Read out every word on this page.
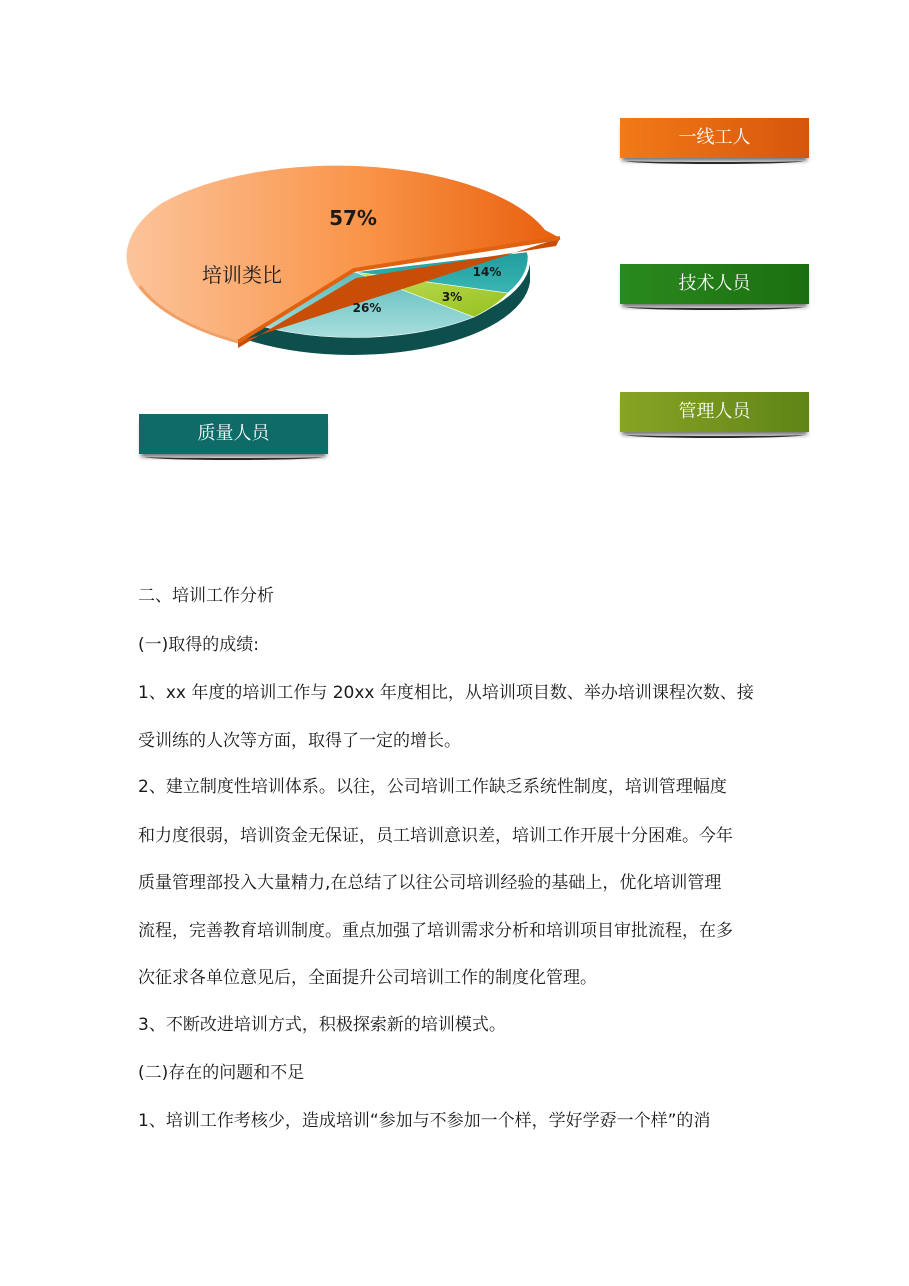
57%
培训类比	14%
3%
26%
一线工人
技术人员
管理人员
质量人员
二、培训工作分析
(一)取得的成绩:
1、xx 年度的培训工作与 20xx 年度相比，从培训项目数、举办培训课程次数、接
受训练的人次等方面，取得了一定的增长。
2、建立制度性培训体系。以往，公司培训工作缺乏系统性制度，培训管理幅度
和力度很弱，培训资金无保证，员工培训意识差，培训工作开展十分困难。今年
质量管理部投入大量精力,在总结了以往公司培训经验的基础上，优化培训管理
流程，完善教育培训制度。重点加强了培训需求分析和培训项目审批流程，在多
次征求各单位意见后，全面提升公司培训工作的制度化管理。
3、不断改进培训方式，积极探索新的培训模式。
(二)存在的问题和不足
1、培训工作考核少，造成培训“参加与不参加一个样，学好学孬一个样”的消
